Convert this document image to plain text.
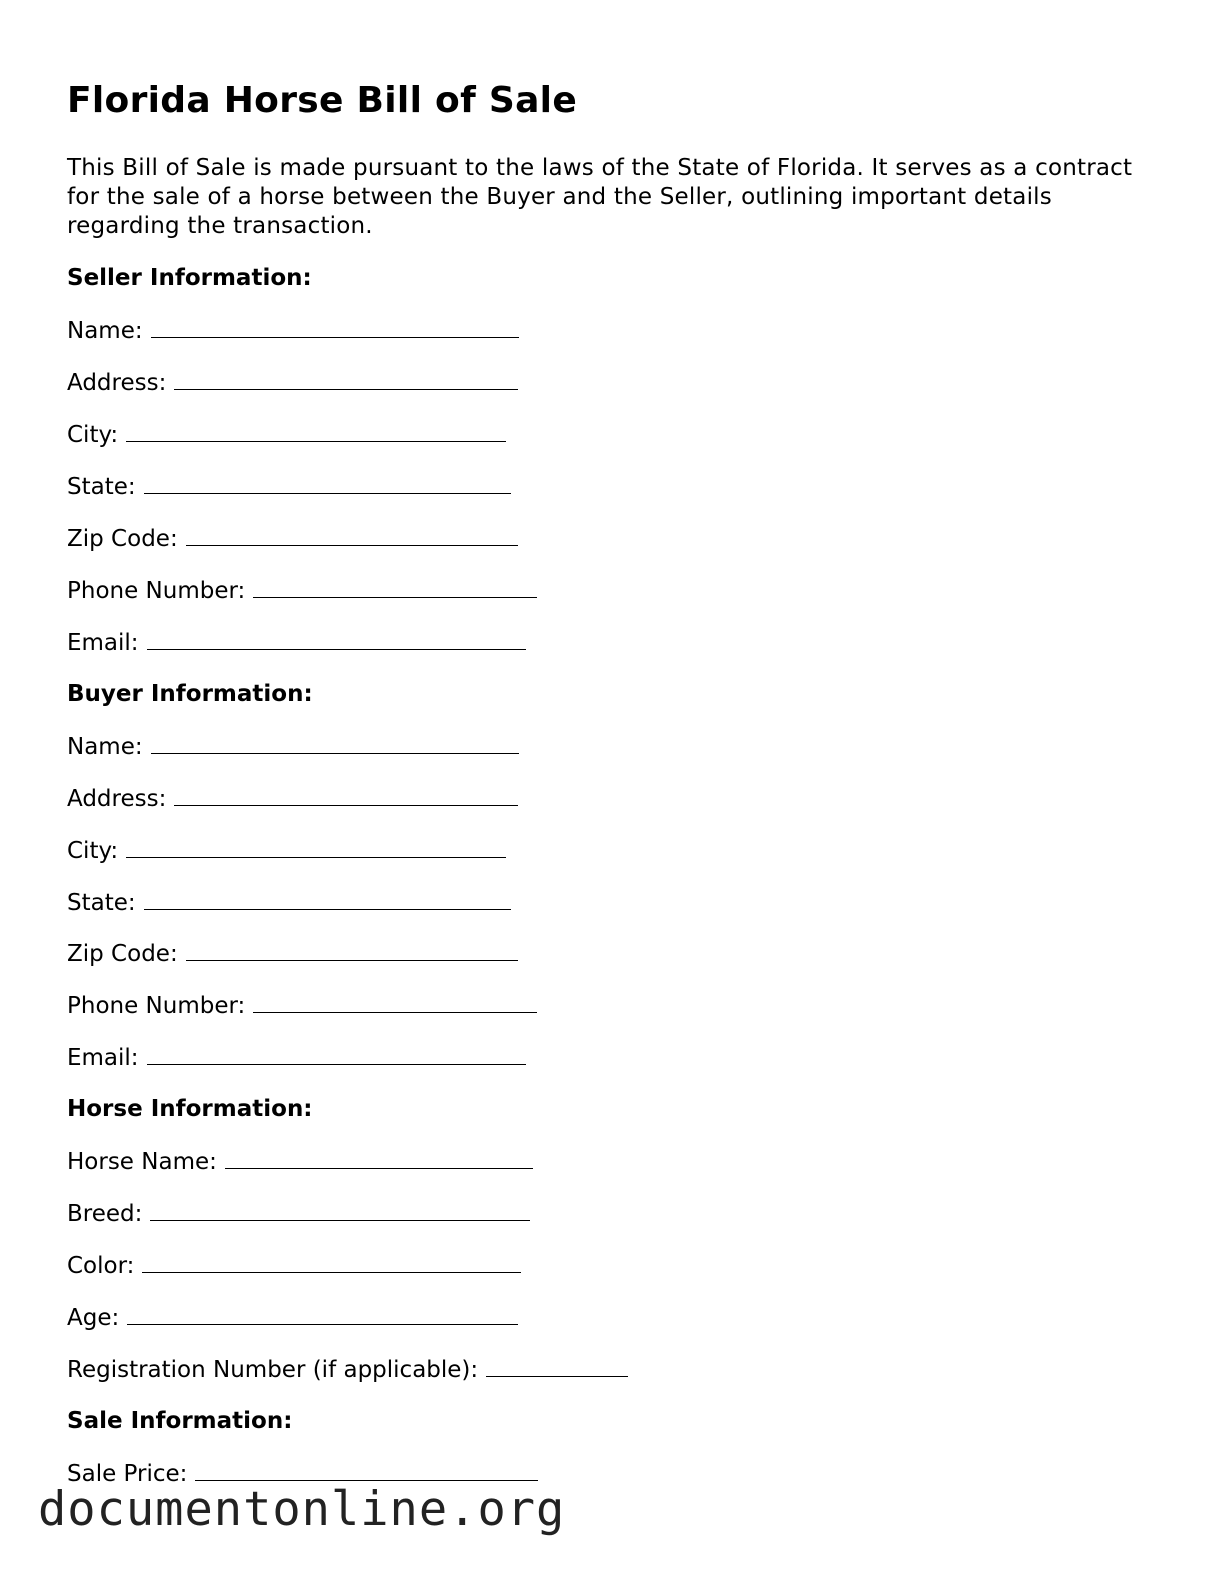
Florida Horse Bill of Sale

This Bill of Sale is made pursuant to the laws of the State of Florida. It serves as a contract for the sale of a horse between the Buyer and the Seller, outlining important details regarding the transaction.

Seller Information:

Name:

Address:

City:

State:

Zip Code:

Phone Number:

Email:

Buyer Information:

Name:

Address:

City:

State:

Zip Code:

Phone Number:

Email:

Horse Information:

Horse Name:

Breed:

Color:

Age:

Registration Number (if applicable):

Sale Information:

Sale Price:

documentonline.org
